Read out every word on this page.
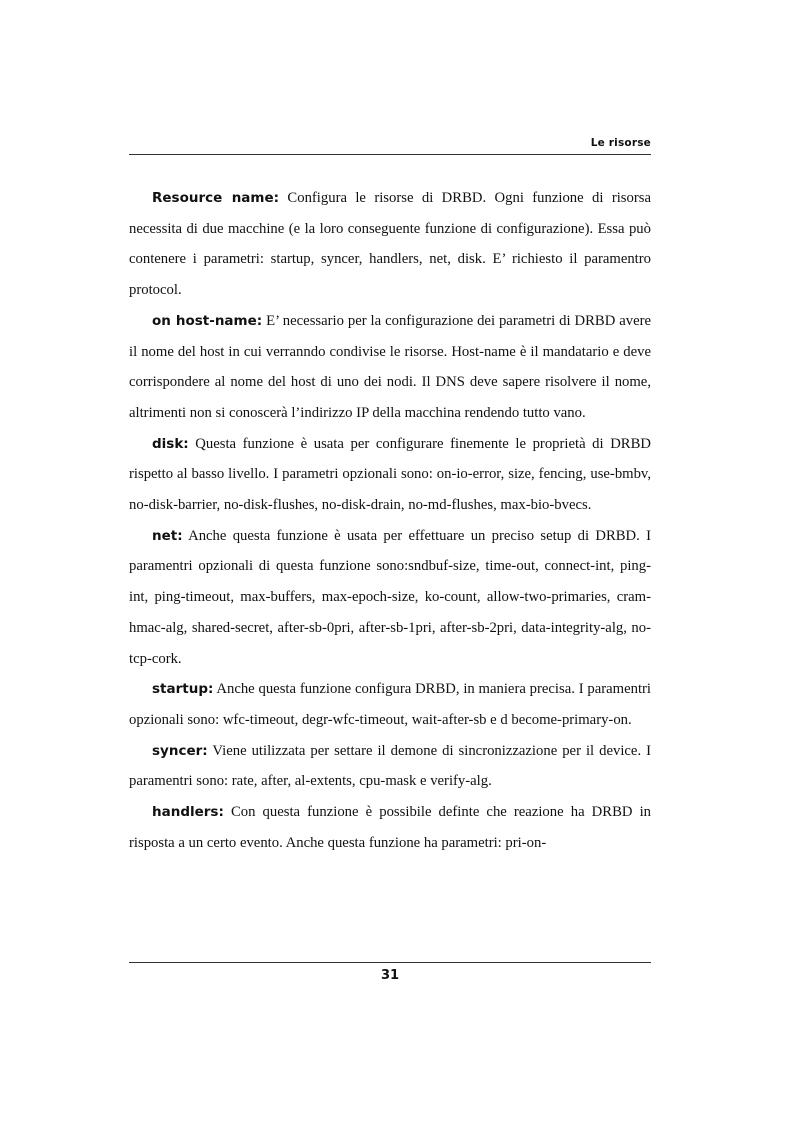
Le risorse

Resource name: Configura le risorse di DRBD. Ogni funzione di risorsa necessita di due macchine (e la loro conseguente funzione di configurazione). Essa può contenere i parametri: startup, syncer, handlers, net, disk. E’ richiesto il paramentro protocol.

on host-name: E’ necessario per la configurazione dei parametri di DRBD avere il nome del host in cui verranndo condivise le risorse. Host-name è il mandatario e deve corrispondere al nome del host di uno dei nodi. Il DNS deve sapere risolvere il nome, altrimenti non si conoscerà l’indirizzo IP della macchina rendendo tutto vano.

disk: Questa funzione è usata per configurare finemente le proprietà di DRBD rispetto al basso livello. I parametri opzionali sono: on-io-error, size, fencing, use-bmbv, no-disk-barrier, no-disk-flushes, no-disk-drain, no-md-flushes, max-bio-bvecs.

net: Anche questa funzione è usata per effettuare un preciso setup di DRBD. I paramentri opzionali di questa funzione sono:sndbuf-size, time-out, connect-int, ping-int, ping-timeout, max-buffers, max-epoch-size, ko-count, allow-two-primaries, cram-hmac-alg, shared-secret, after-sb-0pri, after-sb-1pri, after-sb-2pri, data-integrity-alg, no-tcp-cork.

startup: Anche questa funzione configura DRBD, in maniera precisa. I paramentri opzionali sono: wfc-timeout, degr-wfc-timeout, wait-after-sb e d become-primary-on.

syncer: Viene utilizzata per settare il demone di sincronizzazione per il device. I paramentri sono: rate, after, al-extents, cpu-mask e verify-alg.

handlers: Con questa funzione è possibile definte che reazione ha DRBD in risposta a un certo evento. Anche questa funzione ha parametri: pri-on-

31
